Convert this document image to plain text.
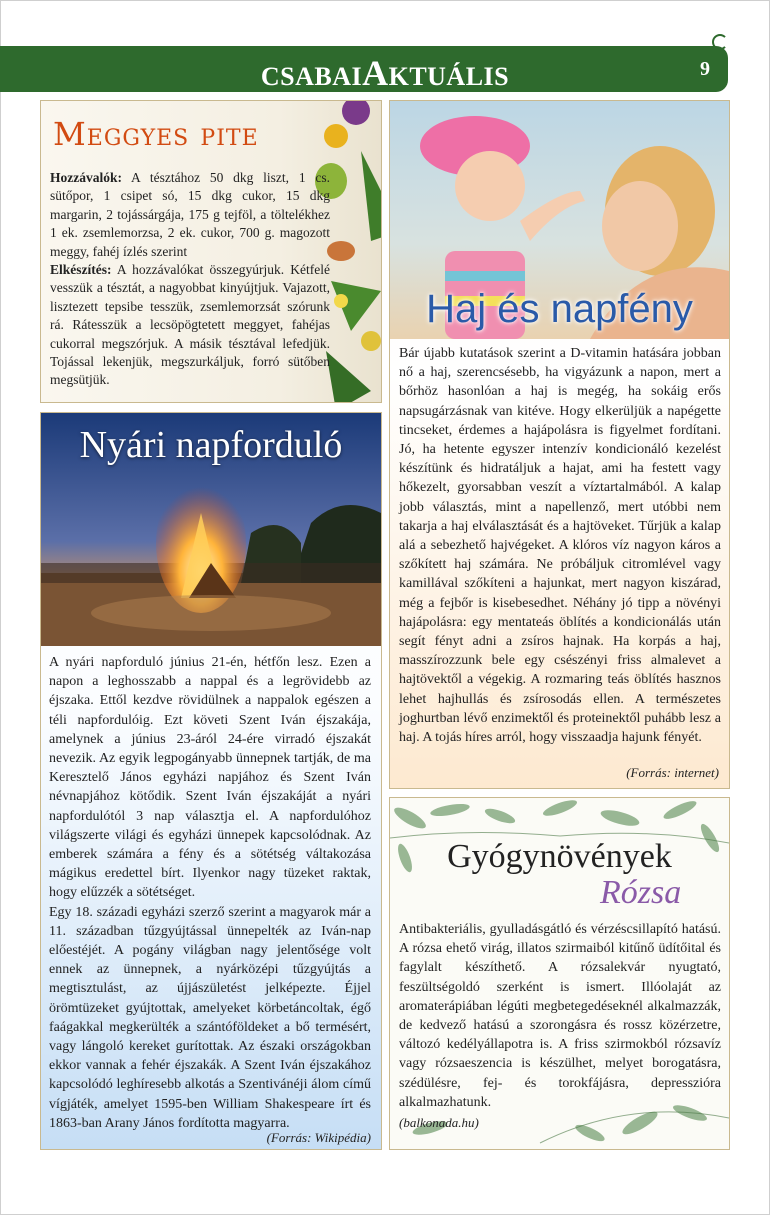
CSABAIAKTUÁLIS	9
Meggyes pite
Hozzávalók: A tésztához 50 dkg liszt, 1 cs. sütőpor, 1 csipet só, 15 dkg cukor, 15 dkg margarin, 2 tojássárgája, 175 g tejföl, a töltelékhez 1 ek. zsemlemorzsa, 2 ek. cukor, 700 g. magozott meggy, fahéj ízlés szerint
Elkészítés: A hozzávalókat összegyúrjuk. Kétfelé vesszük a tésztát, a nagyobbat kinyújtjuk. Vajazott, lisztezett tepsibe tesszük, zsemlemorzsát szórunk rá. Rátesszük a lecsöpögtetett meggyet, fahéjas cukorral megszórjuk. A másik tésztával lefedjük. Tojással lekenjük, megszurkáljuk, forró sütőben megsütjük.
Nyári napforduló
A nyári napforduló június 21-én, hétfőn lesz. Ezen a napon a leghosszabb a nappal és a legrövidebb az éjszaka. Ettől kezdve rövidülnek a nappalok egészen a téli napfordulóig. Ezt követi Szent Iván éjszakája, amelynek a június 23-áról 24-ére virradó éjszakát nevezik. Az egyik legpogányabb ünnepnek tartják, de ma Keresztelő János egyházi napjához és Szent Iván névnapjához kötődik. Szent Iván éjszakáját a nyári napfordulótól 3 nap választja el. A napfordulóhoz világszerte világi és egyházi ünnepek kapcsolódnak. Az emberek számára a fény és a sötétség váltakozása mágikus eredettel bírt. Ilyenkor nagy tüzeket raktak, hogy elűzzék a sötétséget.
Egy 18. századi egyházi szerző szerint a magyarok már a 11. században tűzgyújtással ünnepelték az Iván-nap előestéjét. A pogány világban nagy jelentősége volt ennek az ünnepnek, a nyárközépi tűzgyújtás a megtisztulást, az újjászületést jelképezte. Éjjel örömtüzeket gyújtottak, amelyeket körbetáncoltak, égő faágakkal megkerülték a szántóföldeket a bő termésért, vagy lángoló kereket gurítottak. Az északi országokban ekkor vannak a fehér éjszakák. A Szent Iván éjszakához kapcsolódó leghíresebb alkotás a Szentivánéji álom című vígjáték, amelyet 1595-ben William Shakespeare írt és 1863-ban Arany János fordította magyarra.
(Forrás: Wikipédia)
Haj és napfény
Bár újabb kutatások szerint a D-vitamin hatására jobban nő a haj, szerencsésebb, ha vigyázunk a napon, mert a bőrhöz hasonlóan a haj is megég, ha sokáig erős napsugárzásnak van kitéve. Hogy elkerüljük a napégette tincseket, érdemes a hajápolásra is figyelmet fordítani. Jó, ha hetente egyszer intenzív kondicionáló kezelést készítünk és hidratáljuk a hajat, ami ha festett vagy hőkezelt, gyorsabban veszít a víztartalmából. A kalap jobb választás, mint a napellenző, mert utóbbi nem takarja a haj elválasztását és a hajtöveket. Tűrjük a kalap alá a sebezhető hajvégeket. A klóros víz nagyon káros a szőkített haj számára. Ne próbáljuk citromlével vagy kamillával szőkíteni a hajunkat, mert nagyon kiszárad, még a fejbőr is kisebesedhet. Néhány jó tipp a növényi hajápolásra: egy mentateás öblítés a kondicionálás után segít fényt adni a zsíros hajnak. Ha korpás a haj, masszírozzunk bele egy csészényi friss almalevet a hajtövektől a végekig. A rozmaring teás öblítés hasznos lehet hajhullás és zsírosodás ellen. A természetes joghurtban lévő enzimektől és proteinektől puhább lesz a haj. A tojás híres arról, hogy visszaadja hajunk fényét.
(Forrás: internet)
Gyógynövények
Rózsa
Antibakteriális, gyulladásgátló és vérzéscsillapító hatású. A rózsa ehető virág, illatos szirmaiból kitűnő üdítőital és fagylalt készíthető. A rózsalekvár nyugtató, feszültségoldó szerként is ismert. Illóolaját az aromaterápiában légúti megbetegedéseknél alkalmazzák, de kedvező hatású a szorongásra és rossz közérzetre, változó kedélyállapotra is. A friss szirmokból rózsavíz vagy rózsaeszencia is készülhet, melyet borogatásra, szédülésre, fej- és torokfájásra, depresszióra alkalmazhatunk.
(balkonada.hu)
